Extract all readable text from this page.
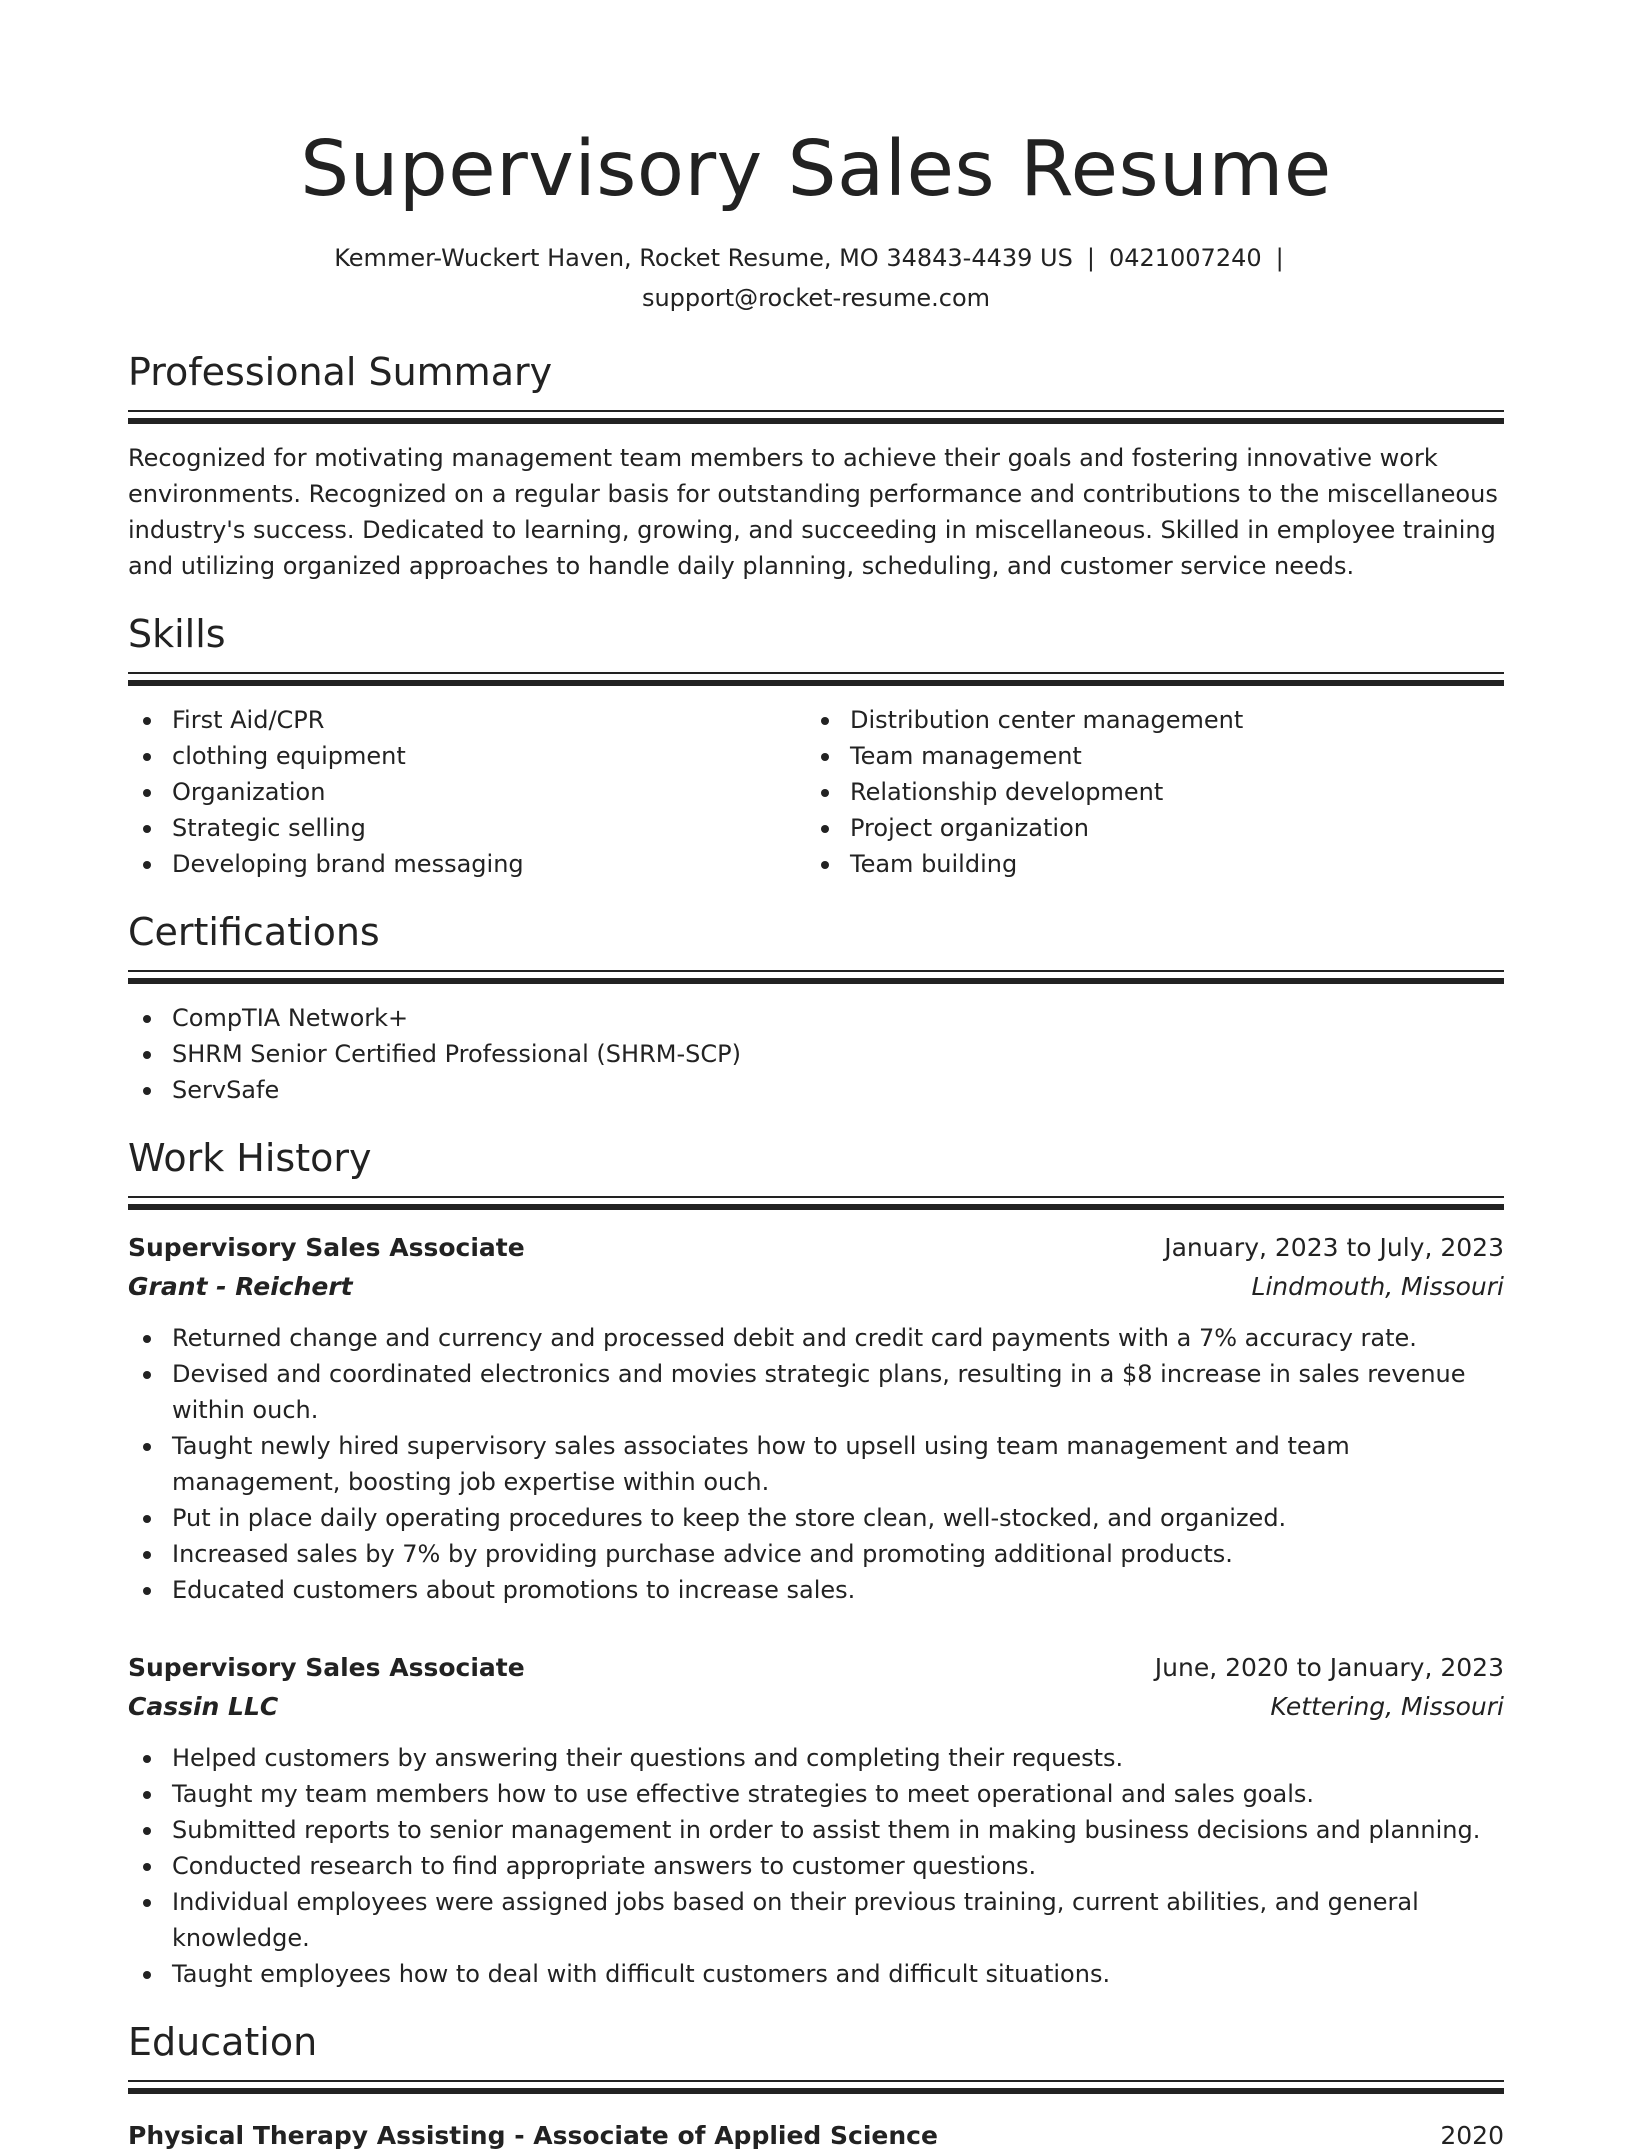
Supervisory Sales Resume
Kemmer-Wuckert Haven, Rocket Resume, MO 34843-4439 US | 0421007240 |
support@rocket-resume.com
Professional Summary
Recognized for motivating management team members to achieve their goals and fostering innovative work environments. Recognized on a regular basis for outstanding performance and contributions to the miscellaneous industry's success. Dedicated to learning, growing, and succeeding in miscellaneous. Skilled in employee training and utilizing organized approaches to handle daily planning, scheduling, and customer service needs.
Skills
First Aid/CPR
clothing equipment
Organization
Strategic selling
Developing brand messaging
Distribution center management
Team management
Relationship development
Project organization
Team building
Certifications
CompTIA Network+
SHRM Senior Certified Professional (SHRM-SCP)
ServSafe
Work History
Supervisory Sales Associate	January, 2023 to July, 2023
Grant - Reichert	Lindmouth, Missouri
Returned change and currency and processed debit and credit card payments with a 7% accuracy rate.
Devised and coordinated electronics and movies strategic plans, resulting in a $8 increase in sales revenue within ouch.
Taught newly hired supervisory sales associates how to upsell using team management and team management, boosting job expertise within ouch.
Put in place daily operating procedures to keep the store clean, well-stocked, and organized.
Increased sales by 7% by providing purchase advice and promoting additional products.
Educated customers about promotions to increase sales.
Supervisory Sales Associate	June, 2020 to January, 2023
Cassin LLC	Kettering, Missouri
Helped customers by answering their questions and completing their requests.
Taught my team members how to use effective strategies to meet operational and sales goals.
Submitted reports to senior management in order to assist them in making business decisions and planning.
Conducted research to find appropriate answers to customer questions.
Individual employees were assigned jobs based on their previous training, current abilities, and general knowledge.
Taught employees how to deal with difficult customers and difficult situations.
Education
Physical Therapy Assisting - Associate of Applied Science	2020
